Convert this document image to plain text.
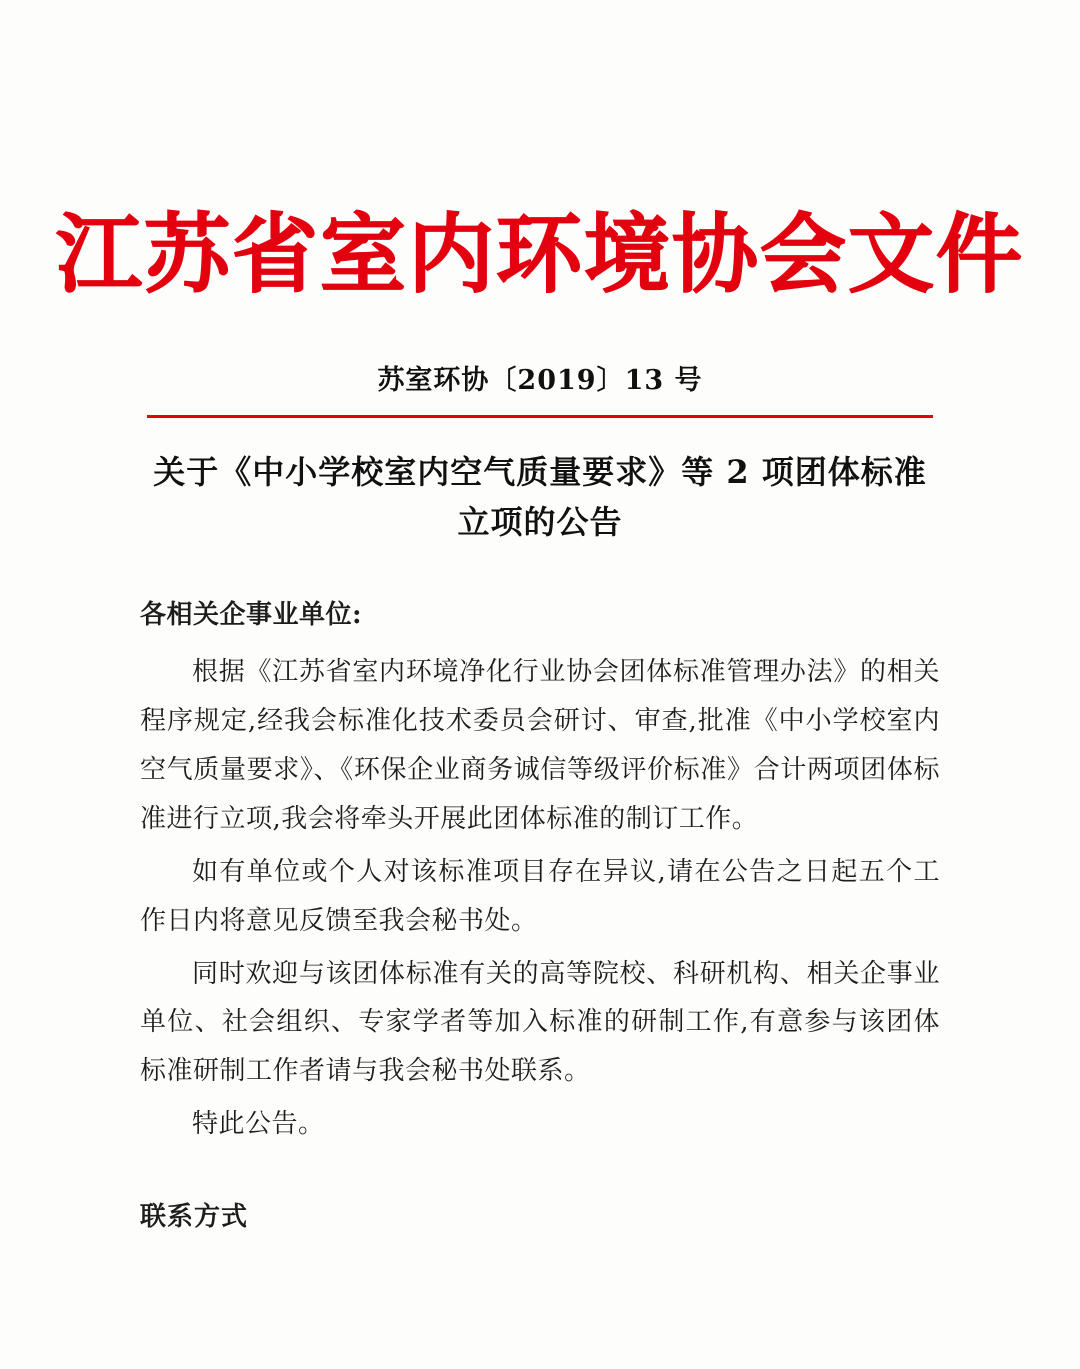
江苏省室内环境协会文件
苏室环协〔2019〕13 号
关于《中小学校室内空气质量要求》等 2 项团体标准立项的公告
各相关企事业单位:

根据《江苏省室内环境净化行业协会团体标准管理办法》的相关程序规定,经我会标准化技术委员会研讨、审查,批准《中小学校室内空气质量要求》、《环保企业商务诚信等级评价标准》合计两项团体标准进行立项,我会将牵头开展此团体标准的制订工作。

如有单位或个人对该标准项目存在异议,请在公告之日起五个工作日内将意见反馈至我会秘书处。

同时欢迎与该团体标准有关的高等院校、科研机构、相关企事业单位、社会组织、专家学者等加入标准的研制工作,有意参与该团体标准研制工作者请与我会秘书处联系。

特此公告。

联系方式
